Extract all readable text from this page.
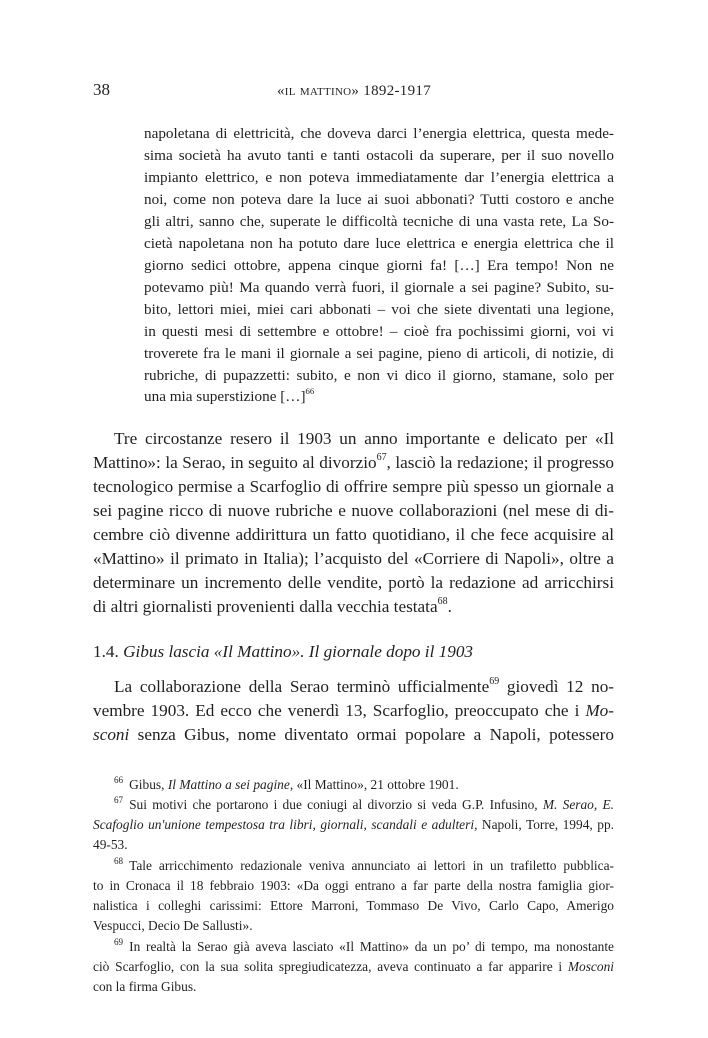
38	«il mattino» 1892-1917
napoletana di elettricità, che doveva darci l’energia elettrica, questa mede-
sima società ha avuto tanti e tanti ostacoli da superare, per il suo novello
impianto elettrico, e non poteva immediatamente dar l’energia elettrica a
noi, come non poteva dare la luce ai suoi abbonati? Tutti costoro e anche
gli altri, sanno che, superate le difficoltà tecniche di una vasta rete, La So-
cietà napoletana non ha potuto dare luce elettrica e energia elettrica che il
giorno sedici ottobre, appena cinque giorni fa! […] Era tempo! Non ne
potevamo più! Ma quando verrà fuori, il giornale a sei pagine? Subito, su-
bito, lettori miei, miei cari abbonati – voi che siete diventati una legione,
in questi mesi di settembre e ottobre! – cioè fra pochissimi giorni, voi vi
troverete fra le mani il giornale a sei pagine, pieno di articoli, di notizie, di
rubriche, di pupazzetti: subito, e non vi dico il giorno, stamane, solo per
una mia superstizione […]$^{66}$
Tre circostanze resero il 1903 un anno importante e delicato per «Il
Mattino»: la Serao, in seguito al divorzio$^{67}$, lasciò la redazione; il progresso
tecnologico permise a Scarfoglio di offrire sempre più spesso un giornale a
sei pagine ricco di nuove rubriche e nuove collaborazioni (nel mese di di-
cembre ciò divenne addirittura un fatto quotidiano, il che fece acquisire al
«Mattino» il primato in Italia); l’acquisto del «Corriere di Napoli», oltre a
determinare un incremento delle vendite, portò la redazione ad arricchirsi
di altri giornalisti provenienti dalla vecchia testata$^{68}$.
1.4. Gibus lascia «Il Mattino». Il giornale dopo il 1903
La collaborazione della Serao terminò ufficialmente$^{69}$ giovedì 12 no-
vembre 1903. Ed ecco che venerdì 13, Scarfoglio, preoccupato che i Mo-
sconi senza Gibus, nome diventato ormai popolare a Napoli, potessero
$^{66}$ Gibus, Il Mattino a sei pagine, «Il Mattino», 21 ottobre 1901.
$^{67}$ Sui motivi che portarono i due coniugi al divorzio si veda G.P. Infusino, M. Serao, E.
Scafoglio un'unione tempestosa tra libri, giornali, scandali e adulteri, Napoli, Torre, 1994, pp.
49-53.
$^{68}$ Tale arricchimento redazionale veniva annunciato ai lettori in un trafiletto pubblica-
to in Cronaca il 18 febbraio 1903: «Da oggi entrano a far parte della nostra famiglia gior-
nalistica i colleghi carissimi: Ettore Marroni, Tommaso De Vivo, Carlo Capo, Amerigo
Vespucci, Decio De Sallusti».
$^{69}$ In realtà la Serao già aveva lasciato «Il Mattino» da un po’ di tempo, ma nonostante
ciò Scarfoglio, con la sua solita spregiudicatezza, aveva continuato a far apparire i Mosconi
con la firma Gibus.
